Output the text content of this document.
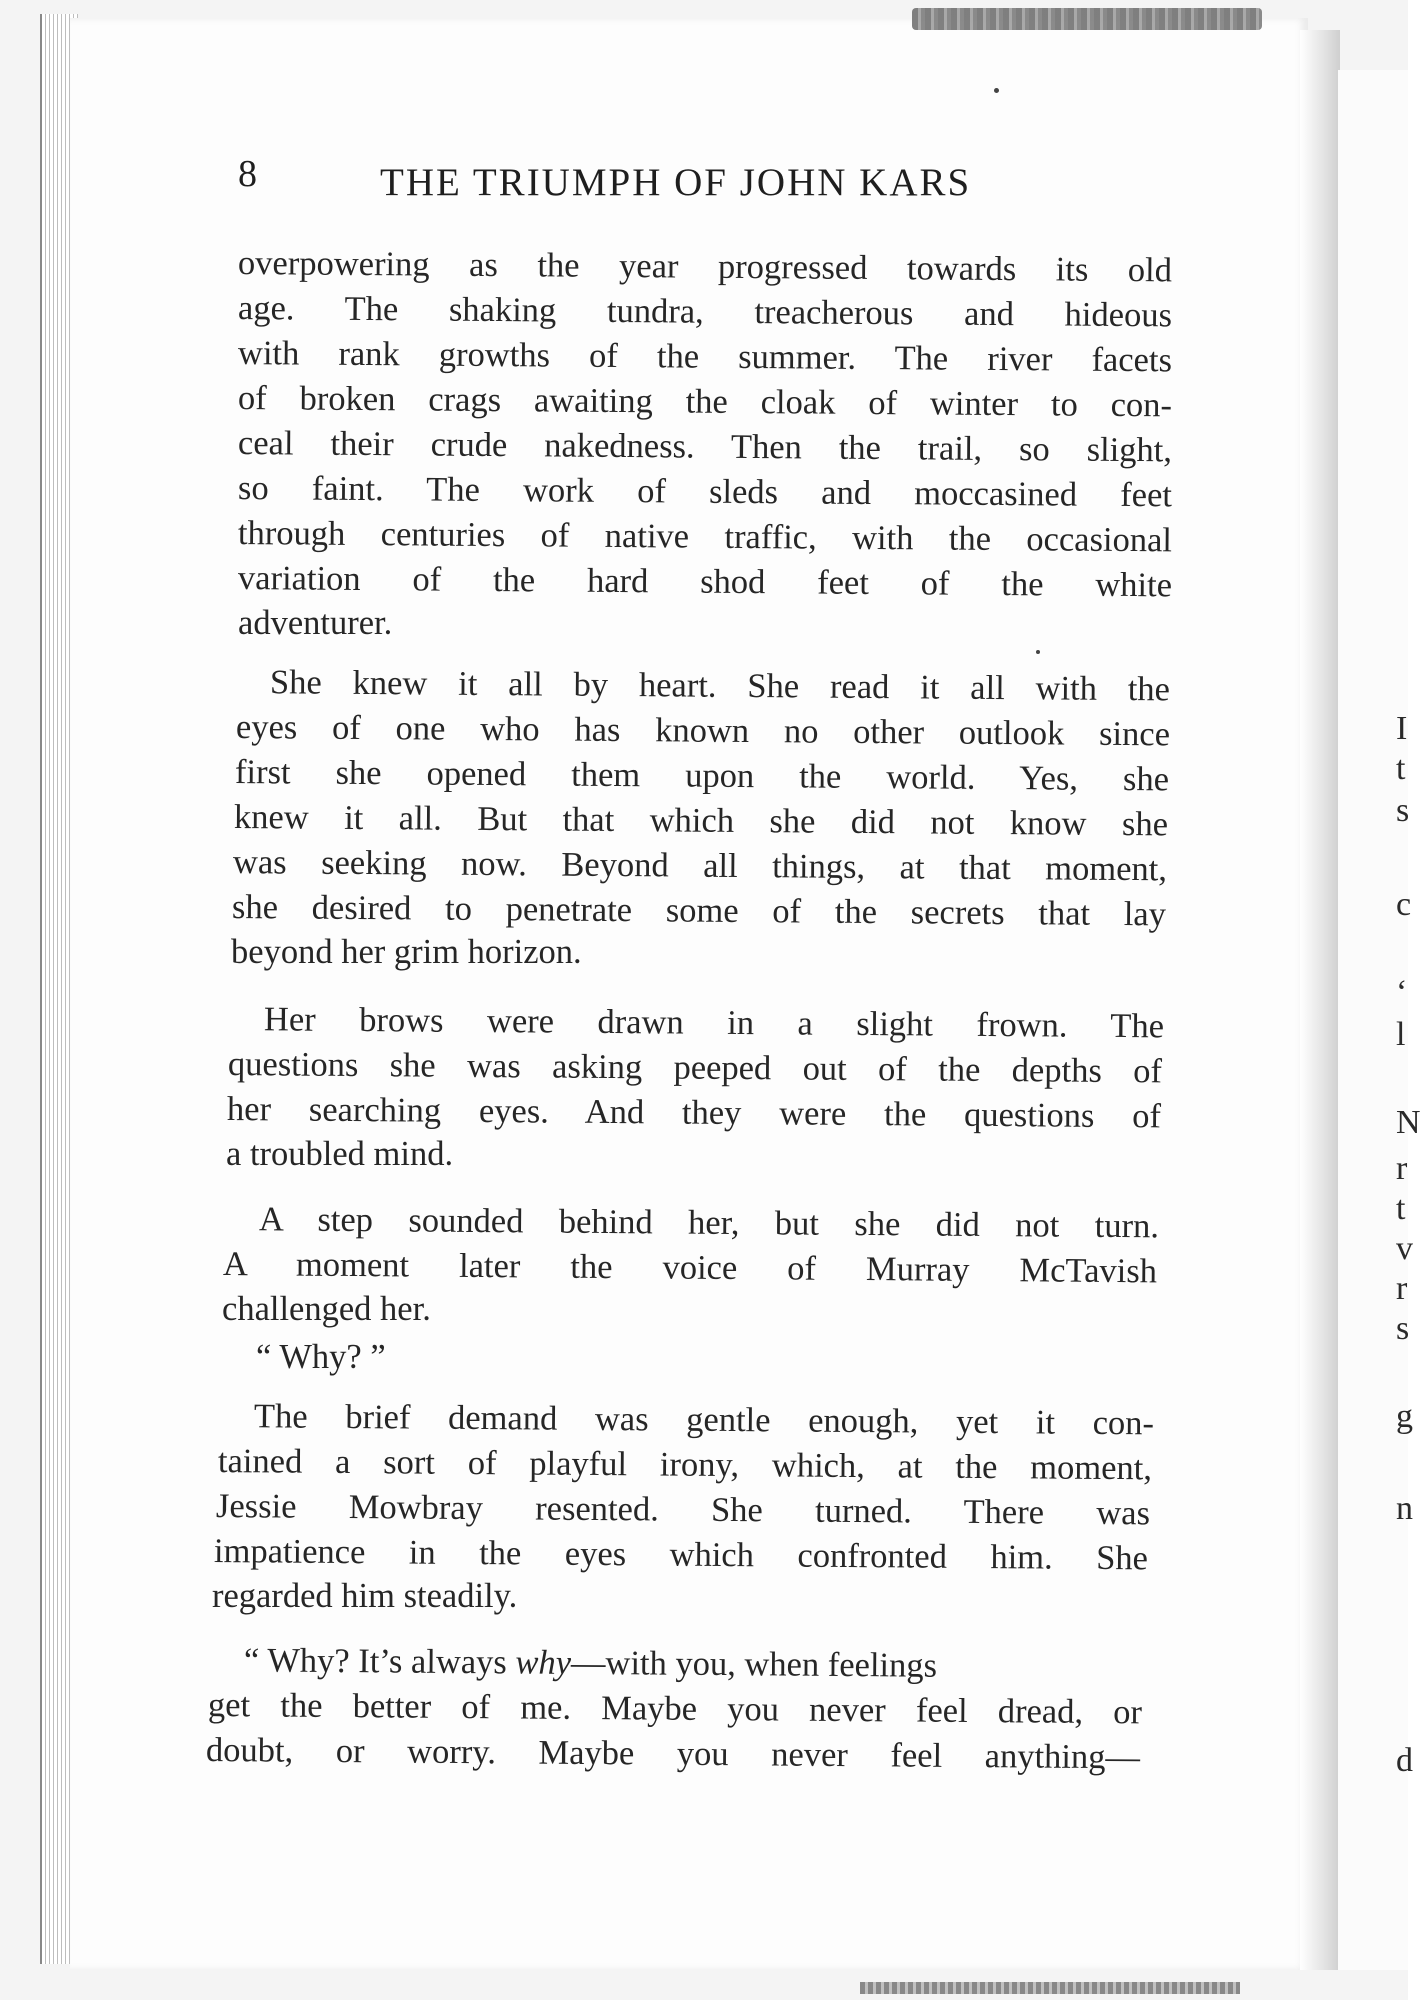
I
t
s
c
‘
l
N
r
t
v
r
s
g
n
d
8	THE TRIUMPH OF JOHN KARS
overpowering as the year progressed towards its old
age. The shaking tundra, treacherous and hideous
with rank growths of the summer. The river facets
of broken crags awaiting the cloak of winter to con-
ceal their crude nakedness. Then the trail, so slight,
so faint. The work of sleds and moccasined feet
through centuries of native traffic, with the occasional
variation of the hard shod feet of the white
adventurer.
She knew it all by heart. She read it all with the
eyes of one who has known no other outlook since
first she opened them upon the world. Yes, she
knew it all. But that which she did not know she
was seeking now. Beyond all things, at that moment,
she desired to penetrate some of the secrets that lay
beyond her grim horizon.
Her brows were drawn in a slight frown. The
questions she was asking peeped out of the depths of
her searching eyes. And they were the questions of
a troubled mind.
A step sounded behind her, but she did not turn.
A moment later the voice of Murray McTavish
challenged her.
“ Why? ”
The brief demand was gentle enough, yet it con-
tained a sort of playful irony, which, at the moment,
Jessie Mowbray resented. She turned. There was
impatience in the eyes which confronted him. She
regarded him steadily.
“ Why? It’s always why—with you, when feelings
get the better of me. Maybe you never feel dread, or
doubt, or worry. Maybe you never feel anything—
